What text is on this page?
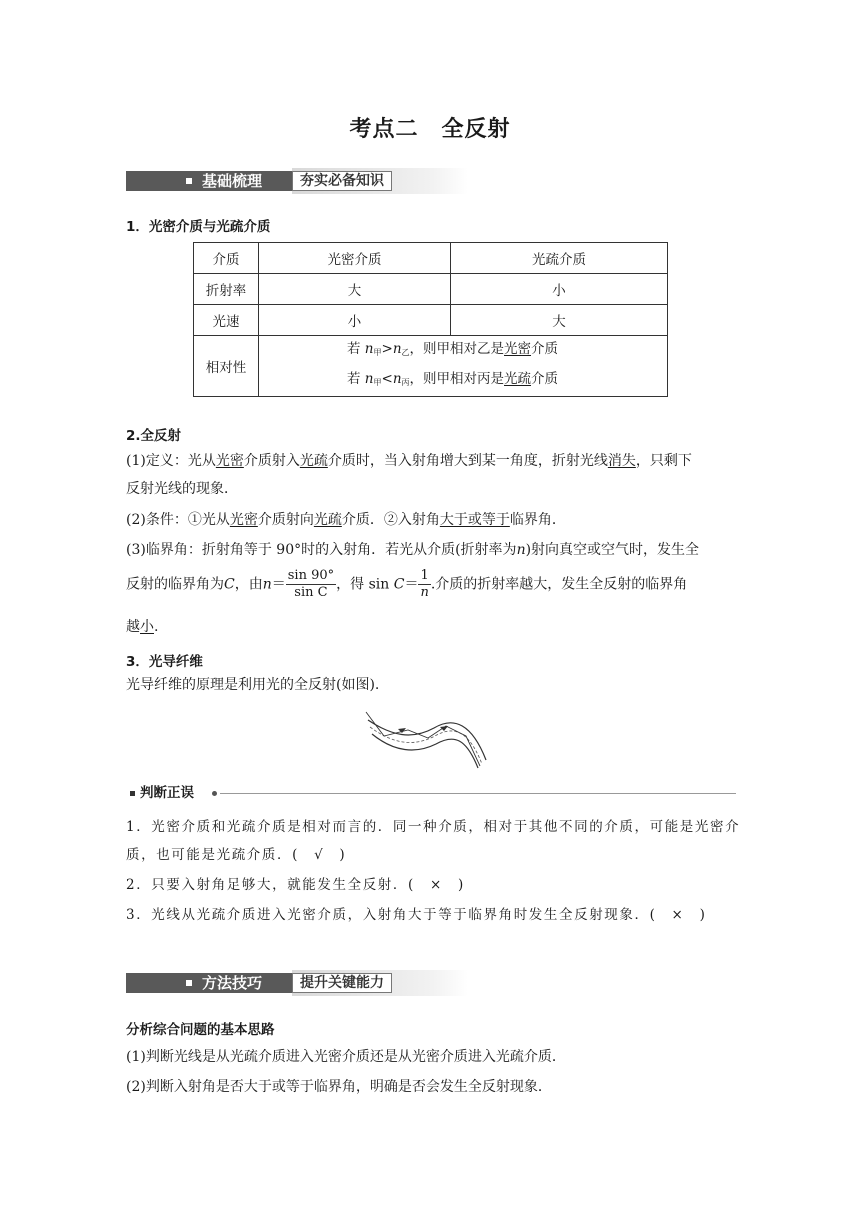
考点二　全反射
基础梳理	夯实必备知识
1．光密介质与光疏介质
介质	光密介质	光疏介质
折射率	大	小
光速	小	大
相对性	若 $n_甲>n_乙$，则甲相对乙是光密介质
若 $n_甲<n_丙$，则甲相对丙是光疏介质	
2.全反射
(1)定义：光从光密介质射入光疏介质时，当入射角增大到某一角度，折射光线消失，只剩下
反射光线的现象．
(2)条件：①光从光密介质射向光疏介质．②入射角大于或等于临界角．
(3)临界角：折射角等于 90°时的入射角．若光从介质(折射率为n)射向真空或空气时，发生全
反射的临界角为C，由$n= \frac{\sin 90^\circ}{\text{sin C}}$ ，得 $\sin C= \frac{1}{n}$ .介质的折射率越大，发生全反射的临界角
越小.
3．光导纤维
光导纤维的原理是利用光的全反射(如图).
判断正误
1．光密介质和光疏介质是相对而言的．同一种介质，相对于其他不同的介质，可能是光密介
质，也可能是光疏介质．(　√　)
2．只要入射角足够大，就能发生全反射．(　×　)
3．光线从光疏介质进入光密介质，入射角大于等于临界角时发生全反射现象．(　×　)
方法技巧	提升关键能力
分析综合问题的基本思路
(1)判断光线是从光疏介质进入光密介质还是从光密介质进入光疏介质．
(2)判断入射角是否大于或等于临界角，明确是否会发生全反射现象．
